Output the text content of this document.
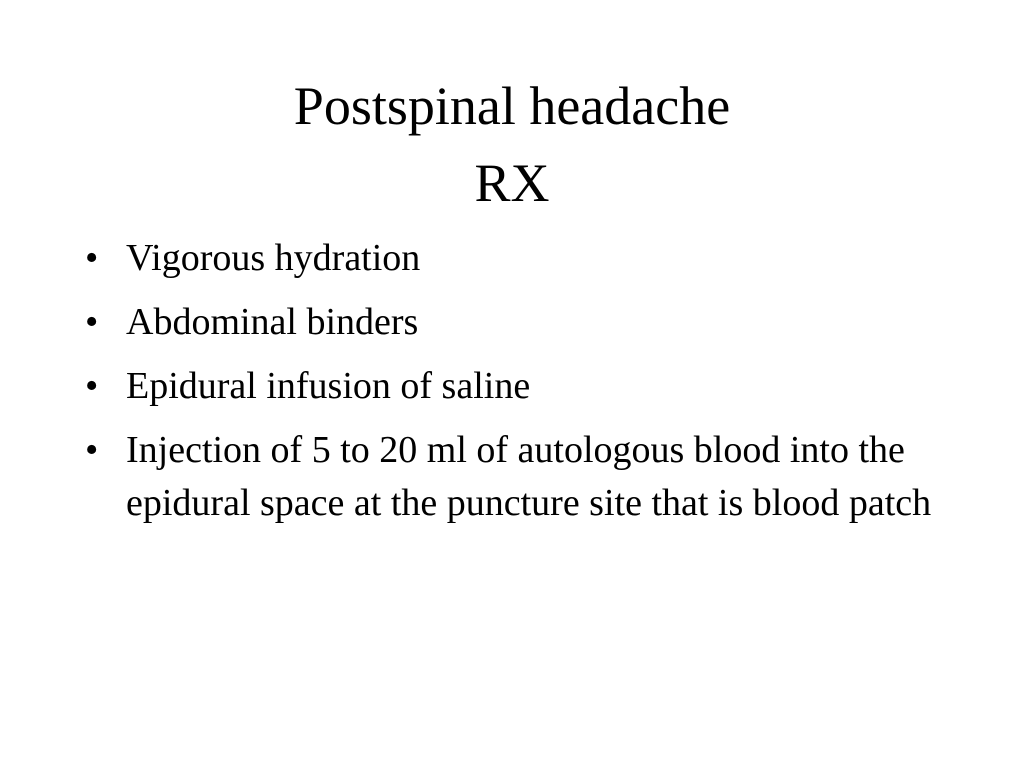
Postspinal headache
RX
• Vigorous hydration
• Abdominal binders
• Epidural infusion of saline
• Injection of 5 to 20 ml of autologous blood into the epidural space at the puncture site that is blood patch
